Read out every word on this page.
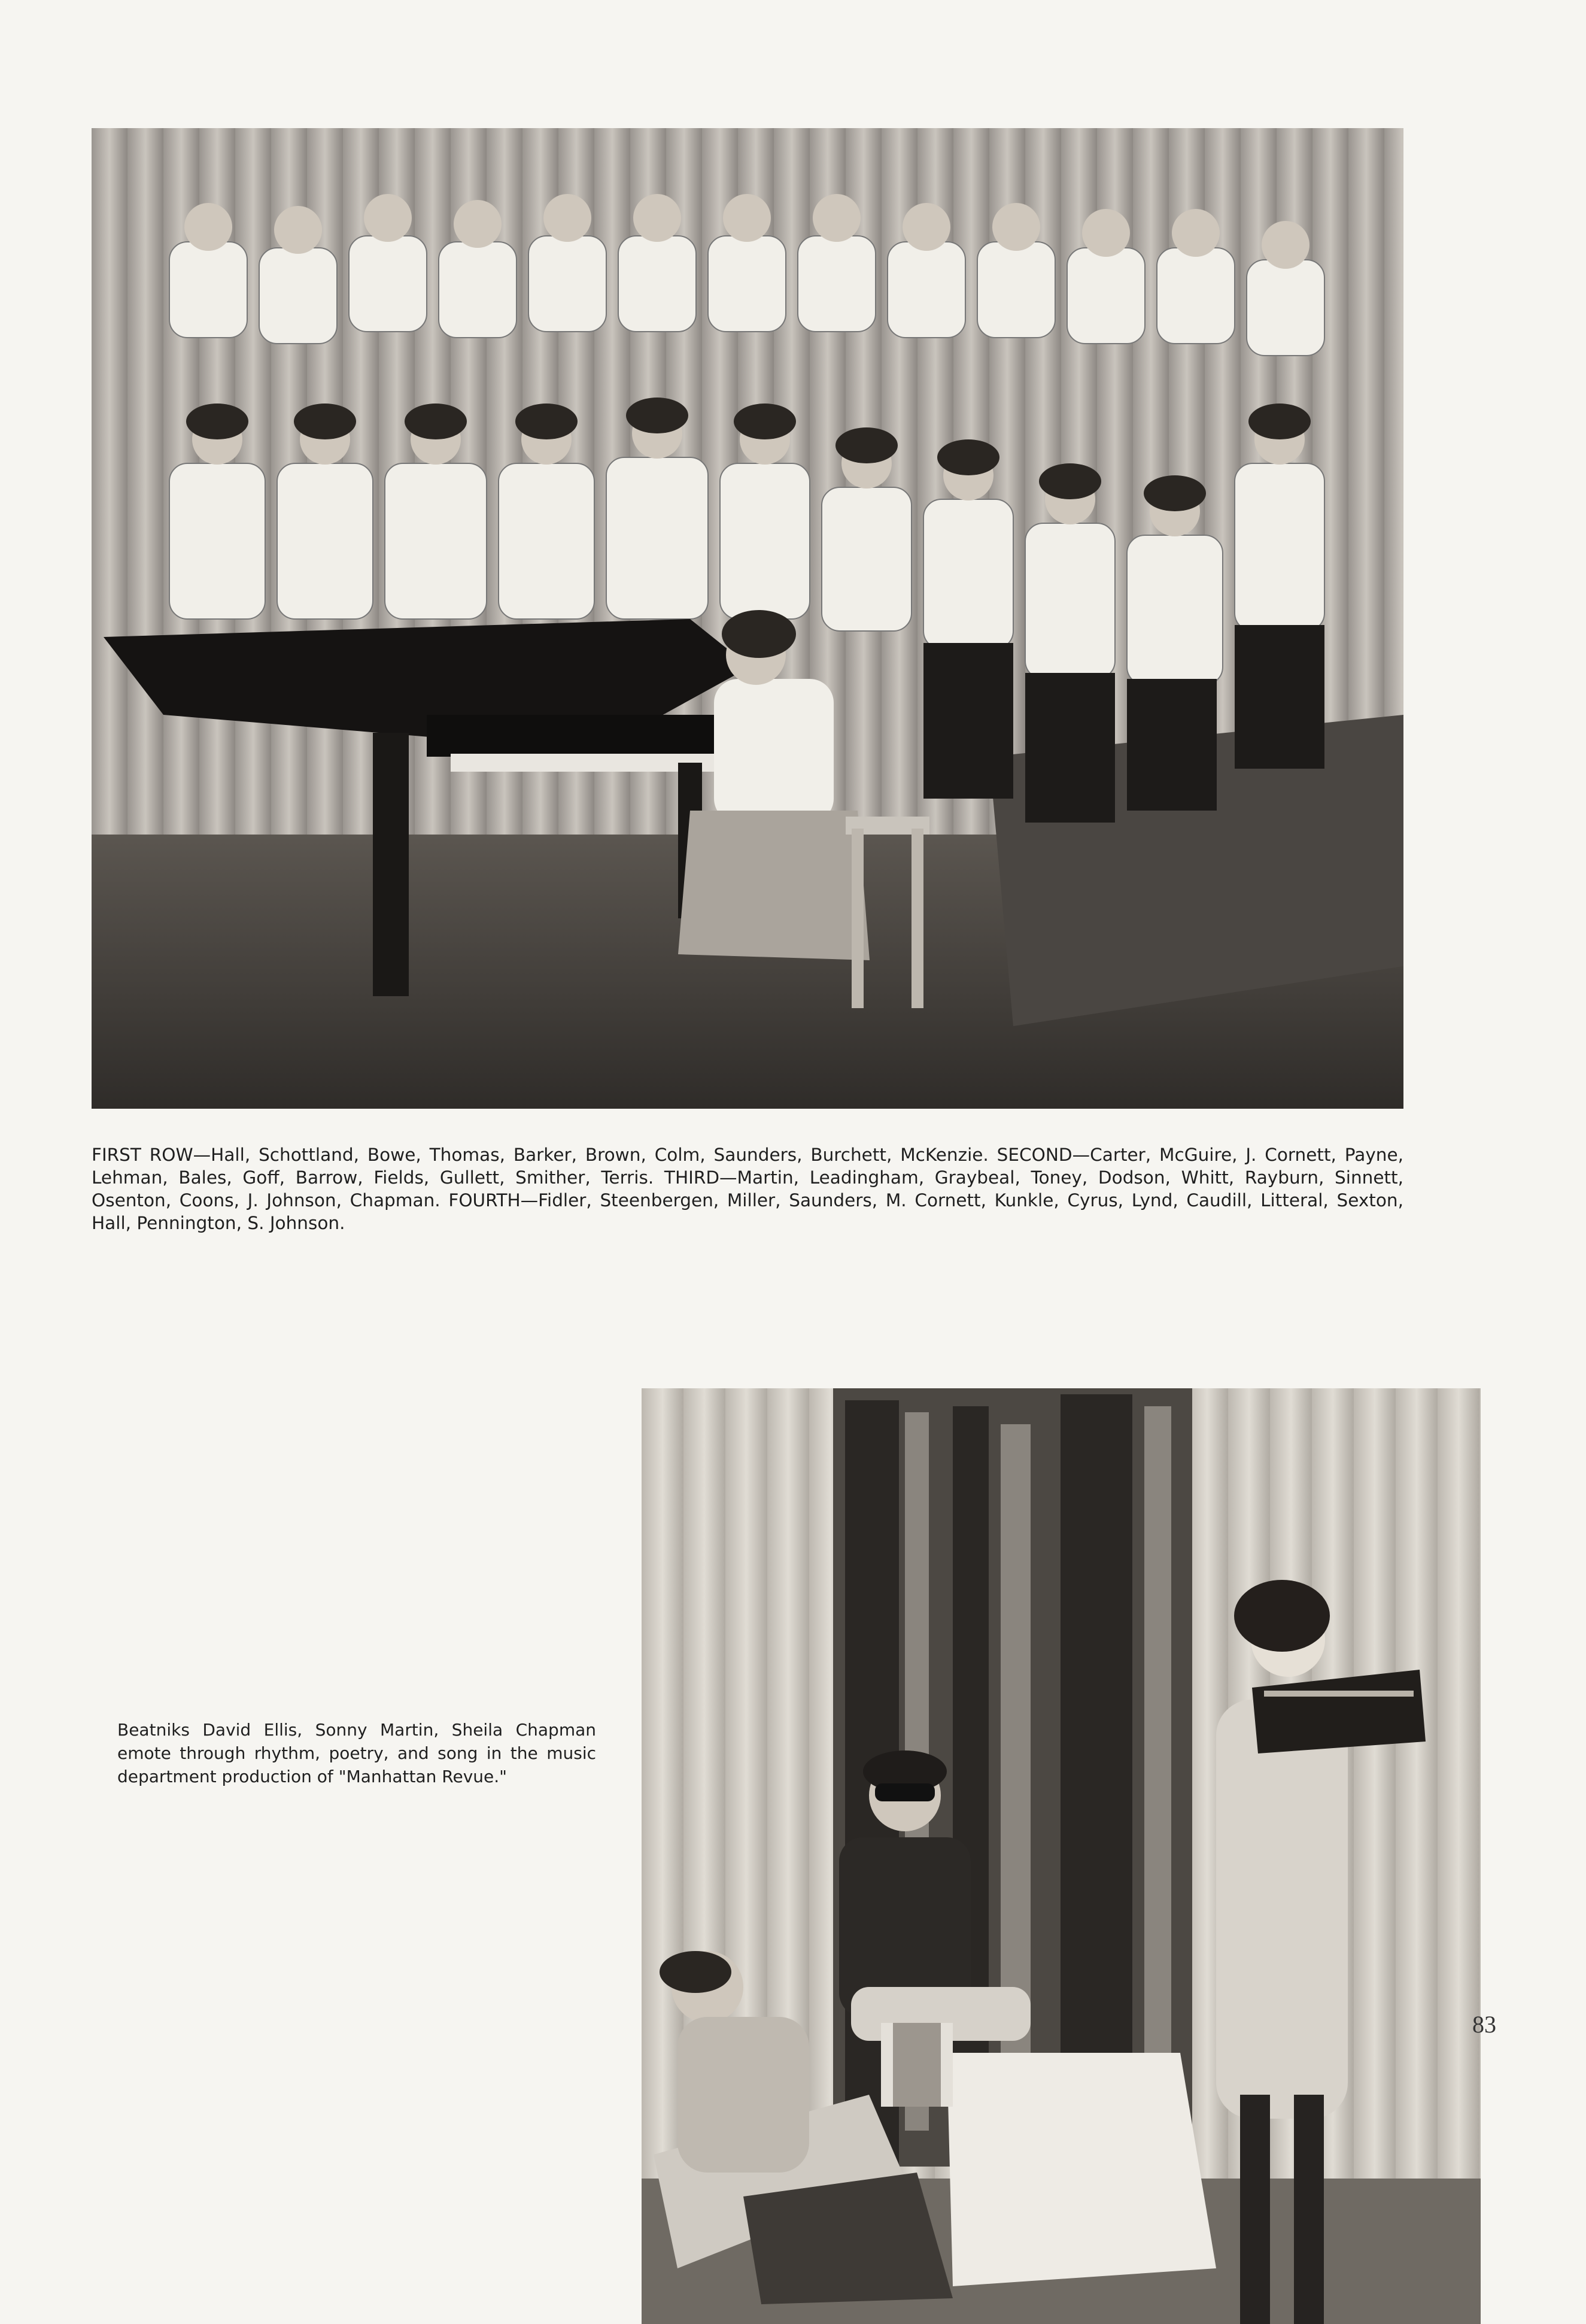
FIRST ROW—Hall, Schottland, Bowe, Thomas, Barker, Brown, Colm, Saunders, Burchett, McKenzie. SECOND—Carter, McGuire, J. Cornett, Payne, Lehman, Bales, Goff, Barrow, Fields, Gullett, Smither, Terris. THIRD—Martin, Leadingham, Graybeal, Toney, Dodson, Whitt, Rayburn, Sinnett, Osenton, Coons, J. Johnson, Chapman. FOURTH—Fidler, Steenbergen, Miller, Saunders, M. Cornett, Kunkle, Cyrus, Lynd, Caudill, Litteral, Sexton, Hall, Pennington, S. Johnson.

Beatniks David Ellis, Sonny Martin, Sheila Chapman emote through rhythm, poetry, and song in the music department production of "Manhattan Revue."

83
